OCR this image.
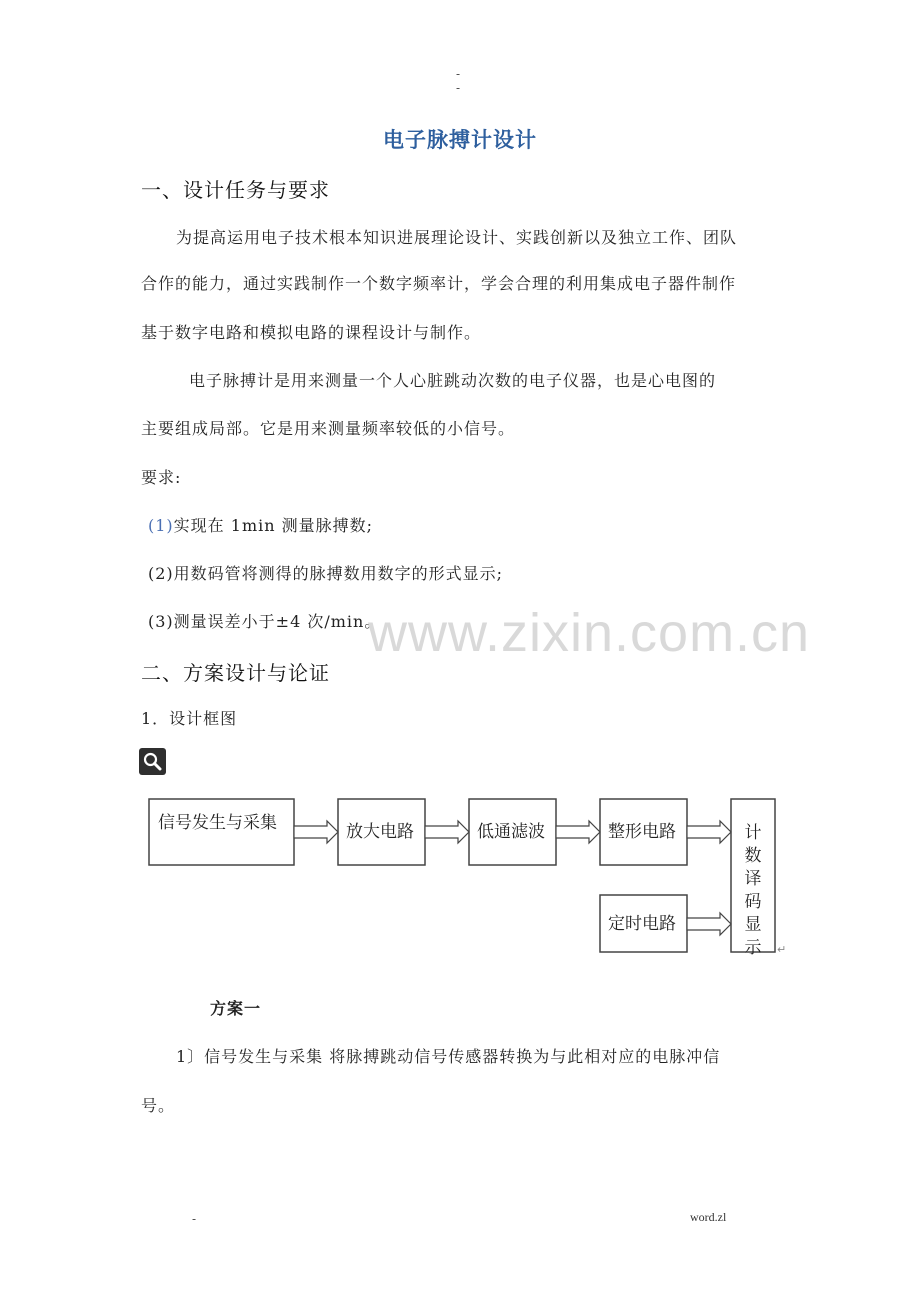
-
-
电子脉搏计设计
一、设计任务与要求
为提高运用电子技术根本知识进展理论设计、实践创新以及独立工作、团队
合作的能力，通过实践制作一个数字频率计，学会合理的利用集成电子器件制作
基于数字电路和模拟电路的课程设计与制作。
电子脉搏计是用来测量一个人心脏跳动次数的电子仪器，也是心电图的
主要组成局部。它是用来测量频率较低的小信号。
要求:
(1)实现在 1min 测量脉搏数;
(2)用数码管将测得的脉搏数用数字的形式显示;
(3)测量误差小于±4 次/min。
www.zixin.com.cn
二、方案设计与论证
1．设计框图
信号发生与采集	放大电路	低通滤波	整形电路
定时电路
计
数
译
码
显
示 ↵
方案一
1〕信号发生与采集 将脉搏跳动信号传感器转换为与此相对应的电脉冲信
号。
-	word.zl
